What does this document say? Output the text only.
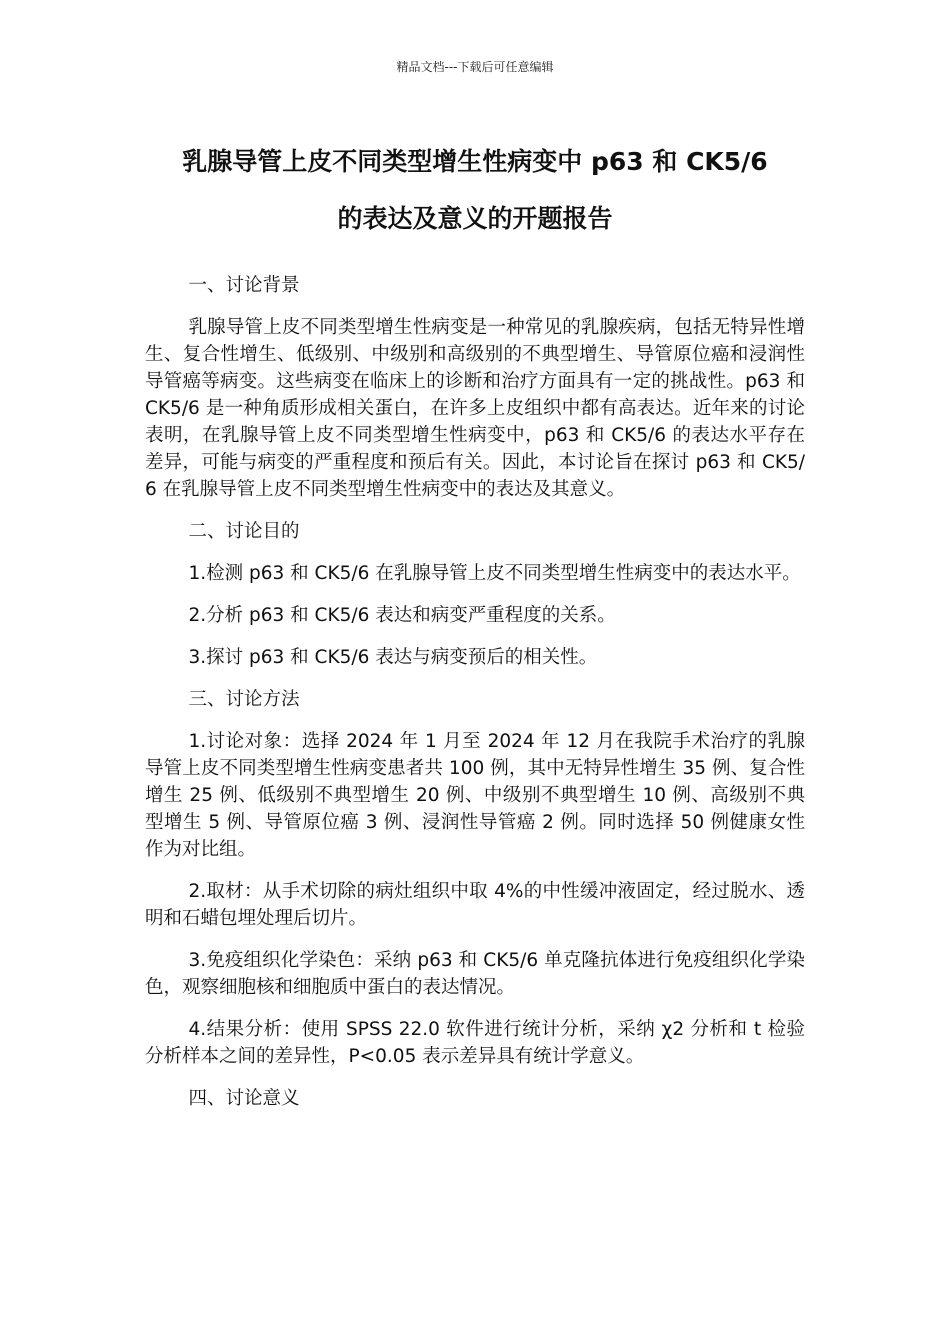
精品文档---下载后可任意编辑
乳腺导管上皮不同类型增生性病变中 p63 和 CK5/6
的表达及意义的开题报告

一、讨论背景

乳腺导管上皮不同类型增生性病变是一种常见的乳腺疾病，包括无特异性增生、复合性增生、低级别、中级别和高级别的不典型增生、导管原位癌和浸润性导管癌等病变。这些病变在临床上的诊断和治疗方面具有一定的挑战性。p63 和 CK5/6 是一种角质形成相关蛋白，在许多上皮组织中都有高表达。近年来的讨论表明，在乳腺导管上皮不同类型增生性病变中，p63 和 CK5/6 的表达水平存在差异，可能与病变的严重程度和预后有关。因此，本讨论旨在探讨 p63 和 CK5/6 在乳腺导管上皮不同类型增生性病变中的表达及其意义。

二、讨论目的

1.检测 p63 和 CK5/6 在乳腺导管上皮不同类型增生性病变中的表达水平。

2.分析 p63 和 CK5/6 表达和病变严重程度的关系。

3.探讨 p63 和 CK5/6 表达与病变预后的相关性。

三、讨论方法

1.讨论对象：选择 2024 年 1 月至 2024 年 12 月在我院手术治疗的乳腺导管上皮不同类型增生性病变患者共 100 例，其中无特异性增生 35 例、复合性增生 25 例、低级别不典型增生 20 例、中级别不典型增生 10 例、高级别不典型增生 5 例、导管原位癌 3 例、浸润性导管癌 2 例。同时选择 50 例健康女性作为对比组。

2.取材：从手术切除的病灶组织中取 4%的中性缓冲液固定，经过脱水、透明和石蜡包埋处理后切片。

3.免疫组织化学染色：采纳 p63 和 CK5/6 单克隆抗体进行免疫组织化学染色，观察细胞核和细胞质中蛋白的表达情况。

4.结果分析：使用 SPSS 22.0 软件进行统计分析，采纳 χ2 分析和 t 检验分析样本之间的差异性，P<0.05 表示差异具有统计学意义。

四、讨论意义
